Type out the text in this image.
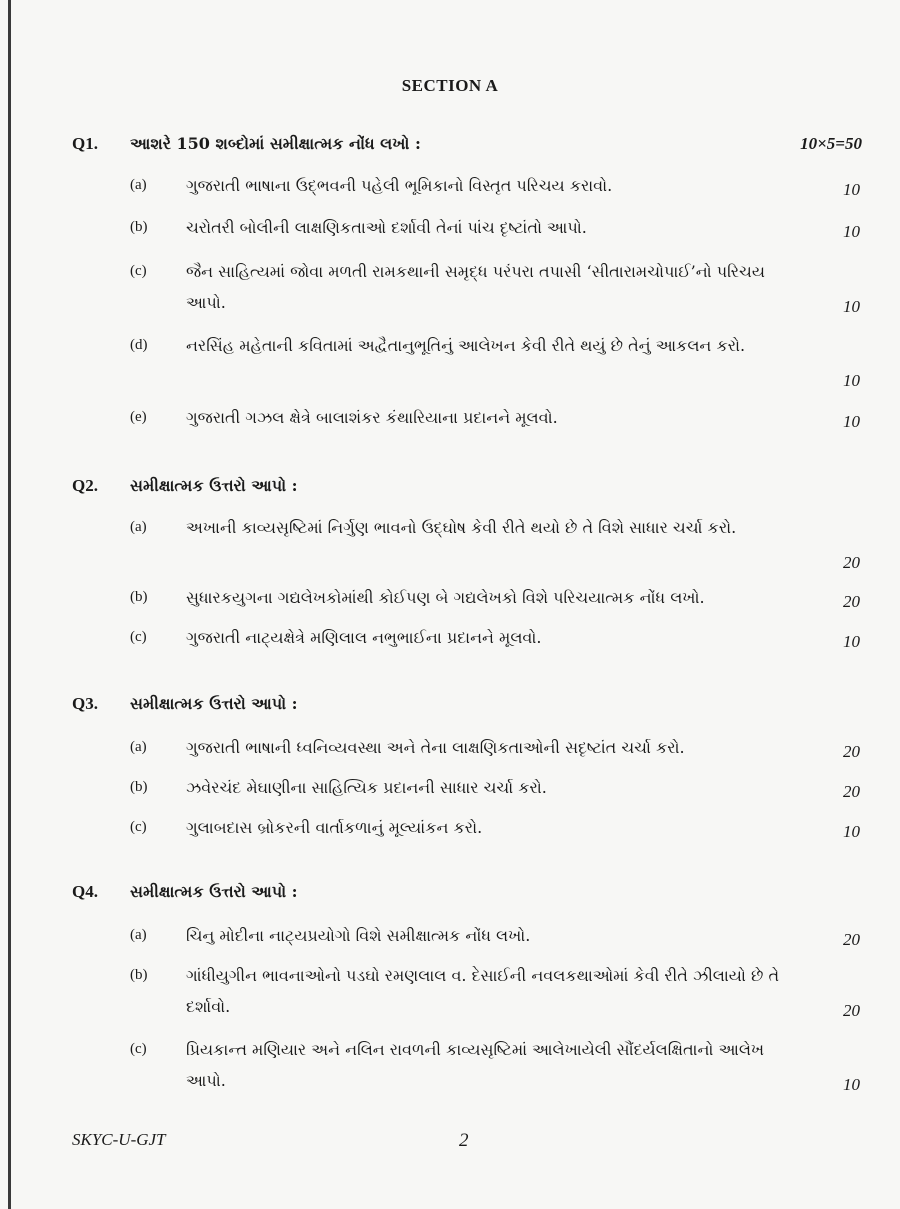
SECTION A
Q1. આશરે 150 શબ્દોમાં સમીક્ષાત્મક નોંધ લખો :	10×5=50
(a) ગુજરાતી ભાષાના ઉદ્ભવની પહેલી ભૂમિકાનો વિસ્તૃત પરિચય કરાવો.	10
(b) ચરોતરી બોલીની લાક્ષણિકતાઓ દર્શાવી તેનાં પાંચ દૃષ્ટાંતો આપો.	10
(c) જૈન સાહિત્યમાં જોવા મળતી રામકથાની સમૃદ્ધ પરંપરા તપાસી ‘સીતારામચોપાઈ’નો પરિચય આપો.	10
(d) નરસિંહ મહેતાની કવિતામાં અદ્વૈતાનુભૂતિનું આલેખન કેવી રીતે થયું છે તેનું આકલન કરો.
10
(e) ગુજરાતી ગઝલ ક્ષેત્રે બાલાશંકર કંથારિયાના પ્રદાનને મૂલવો.	10
Q2. સમીક્ષાત્મક ઉત્તરો આપો :
(a) અખાની કાવ્યસૃષ્ટિમાં નિર્ગુણ ભાવનો ઉદ્ઘોષ કેવી રીતે થયો છે તે વિશે સાધાર ચર્ચા કરો.
20
(b) સુધારકયુગના ગદ્યલેખકોમાંથી કોઈપણ બે ગદ્યલેખકો વિશે પરિચયાત્મક નોંધ લખો.	20
(c) ગુજરાતી નાટ્યક્ષેત્રે મણિલાલ નભુભાઈના પ્રદાનને મૂલવો.	10
Q3. સમીક્ષાત્મક ઉત્તરો આપો :
(a) ગુજરાતી ભાષાની ધ્વનિવ્યવસ્થા અને તેના લાક્ષણિકતાઓની સદૃષ્ટાંત ચર્ચા કરો.	20
(b) ઝવેરચંદ મેઘાણીના સાહિત્યિક પ્રદાનની સાધાર ચર્ચા કરો.	20
(c) ગુલાબદાસ બ્રોકરની વાર્તાકળાનું મૂલ્યાંકન કરો.	10
Q4. સમીક્ષાત્મક ઉત્તરો આપો :
(a) ચિનુ મોદીના નાટ્યપ્રયોગો વિશે સમીક્ષાત્મક નોંધ લખો.	20
(b) ગાંધીયુગીન ભાવનાઓનો પડઘો રમણલાલ વ. દેસાઈની નવલકથાઓમાં કેવી રીતે ઝીલાયો છે તે દર્શાવો.	20
(c) પ્રિયકાન્ત મણિયાર અને નલિન રાવળની કાવ્યસૃષ્ટિમાં આલેખાયેલી સૌંદર્યલક્ષિતાનો આલેખ આપો.	10
SKYC-U-GJT	2
